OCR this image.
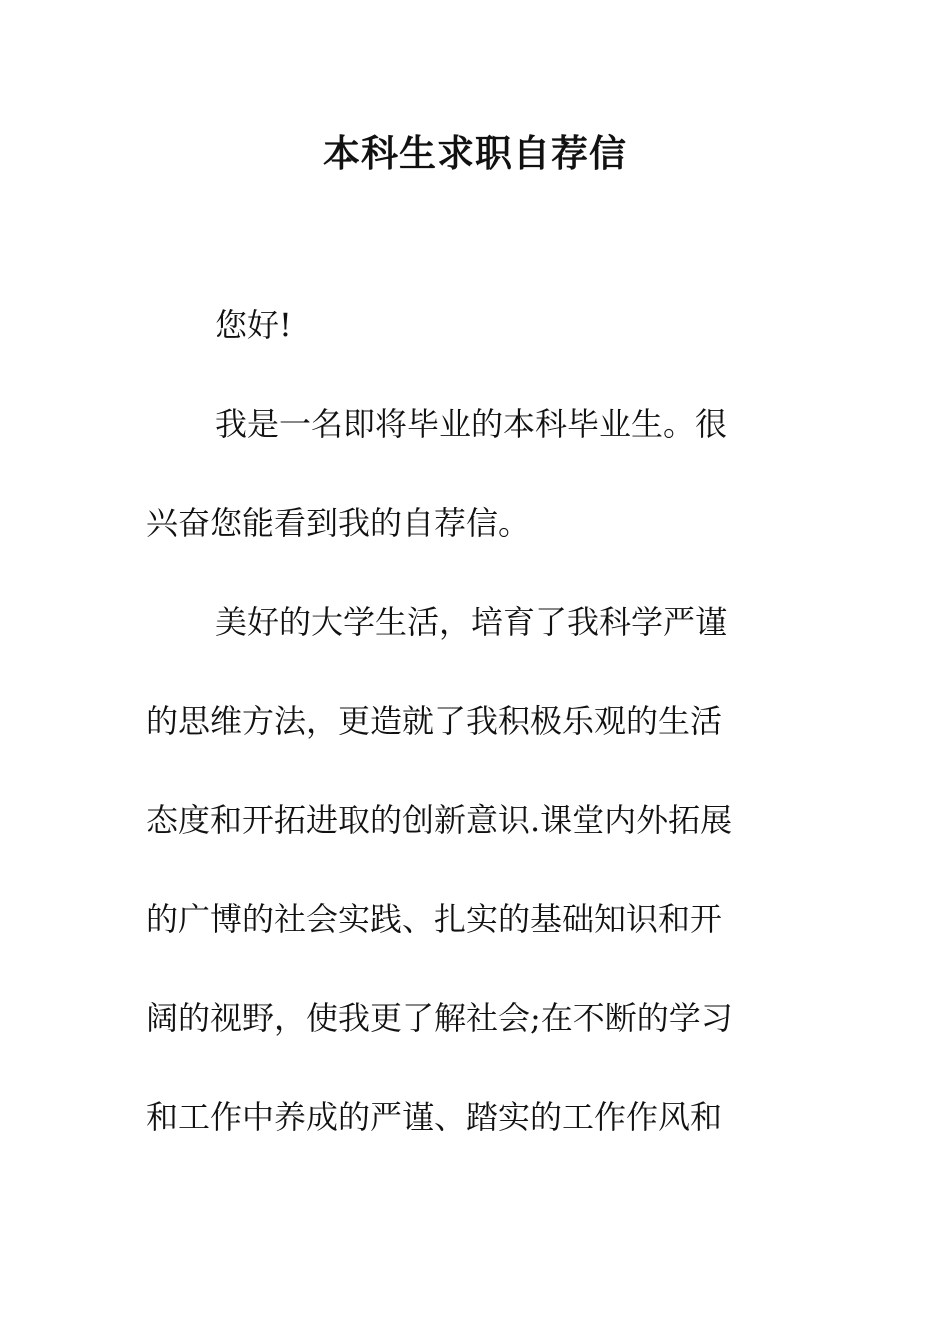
本科生求职自荐信
您好!
我是一名即将毕业的本科毕业生。很
兴奋您能看到我的自荐信。
美好的大学生活，培育了我科学严谨
的思维方法，更造就了我积极乐观的生活
态度和开拓进取的创新意识.课堂内外拓展
的广博的社会实践、扎实的基础知识和开
阔的视野，使我更了解社会;在不断的学习
和工作中养成的严谨、踏实的工作作风和
